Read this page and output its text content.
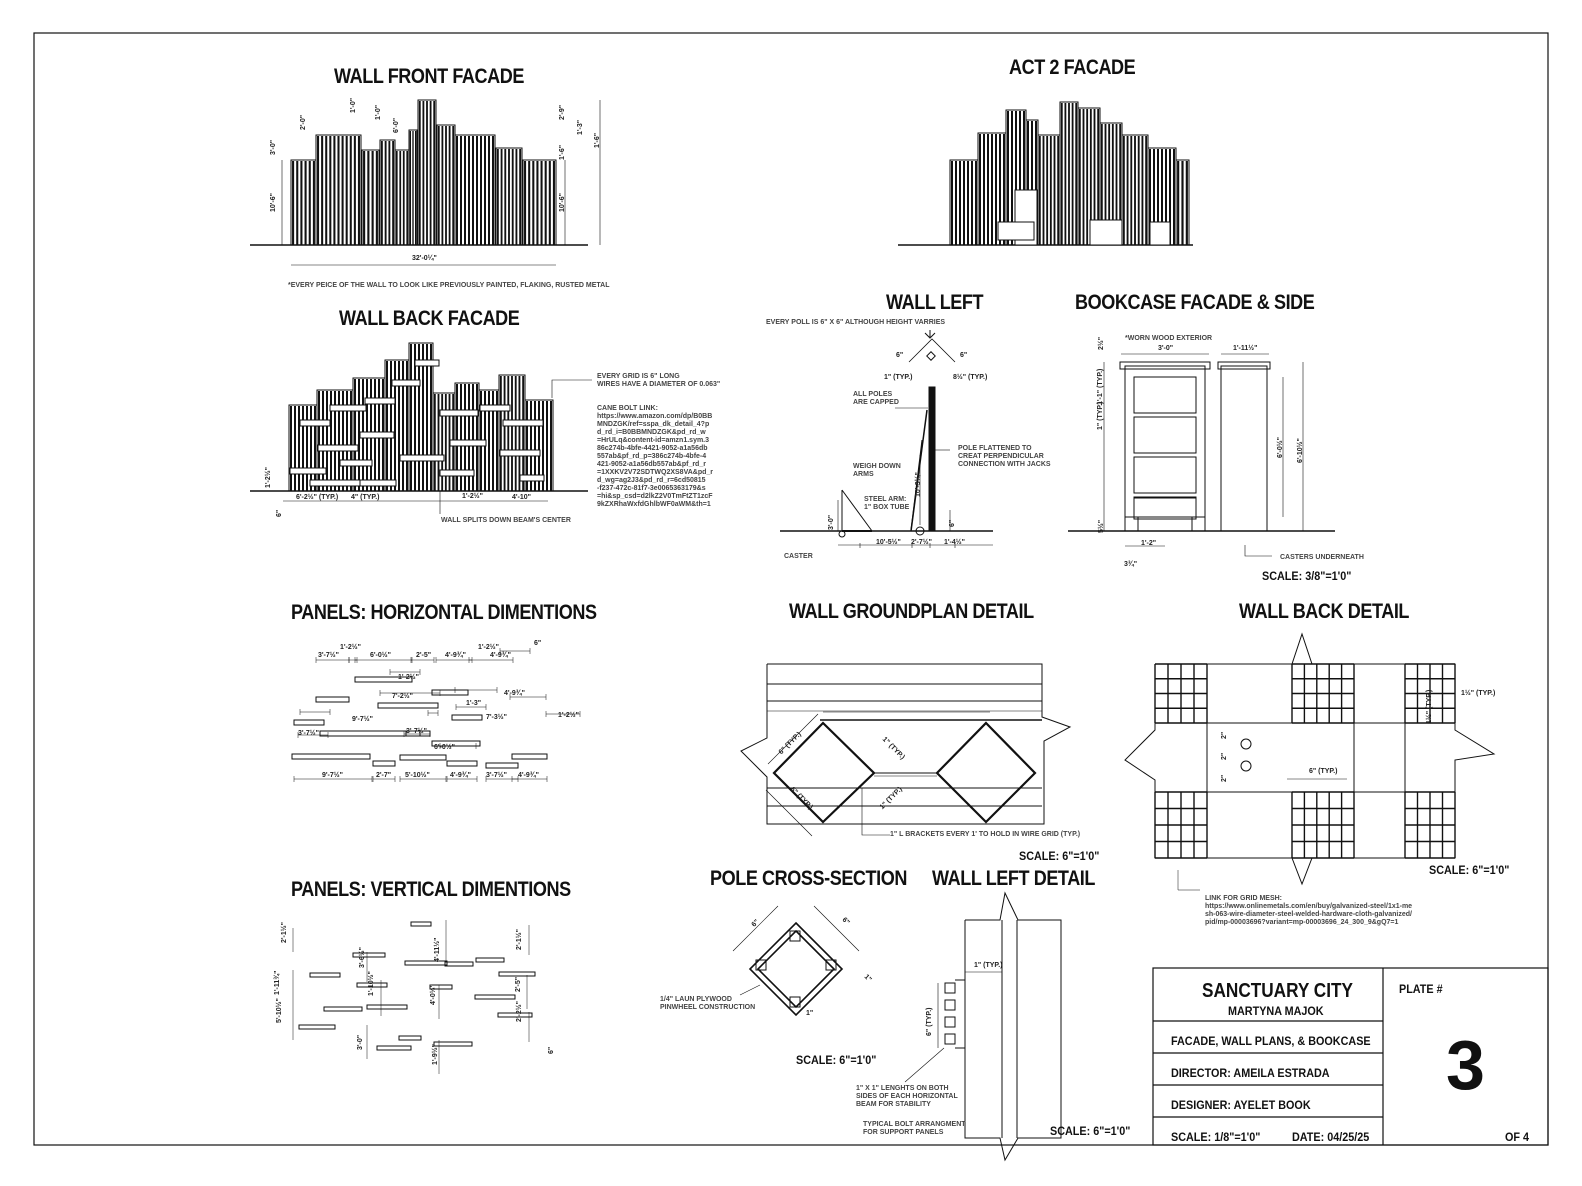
WALL FRONT FACADE	ACT 2 FACADE
WALL BACK FACADE
WALL LEFT	BOOKCASE FACADE & SIDE
PANELS: HORIZONTAL DIMENTIONS	WALL GROUNDPLAN DETAIL	WALL BACK DETAIL
PANELS: VERTICAL DIMENTIONS	POLE CROSS-SECTION WALL LEFT DETAIL
*EVERY PEICE OF THE WALL TO LOOK LIKE PREVIOUSLY PAINTED, FLAKING, RUSTED METAL
32'-0¼"
10'-6"
3'-0"
2'-0"
1'-0"	1'-0"
6'-0"
10'-6"
1'-6"
1'-3"
2'-9"
1'-6"
EVERY GRID IS 6" LONG
WIRES HAVE A DIAMETER OF 0.063"
CANE BOLT LINK:
https://www.amazon.com/dp/B0BB
MNDZGK/ref=sspa_dk_detail_4?p
d_rd_i=B0BBMNDZGK&pd_rd_w
=HrULq&content-id=amzn1.sym.3
86c274b-4bfe-4421-9052-a1a56db
557ab&pf_rd_p=386c274b-4bfe-4
421-9052-a1a56db557ab&pf_rd_r
=1XXKV2V72SDTWQ2XS8VA&pd_r
d_wg=ag2J3&pd_rd_r=6cd50815
-f237-472c-81f7-3e0065363179&s
=hi&sp_csd=d2lkZ2V0TmFtZT1zcF
9kZXRhaWxfdGhlbWF0aWM&th=1
WALL SPLITS DOWN BEAM'S CENTER
1'-2½"
6'-2½" (TYP.) 4" (TYP.)	1'-2½"	4'-10"
6"
EVERY POLL IS 6" X 6" ALTHOUGH HEIGHT VARRIES
ALL POLES
ARE CAPPED
POLE FLATTENED TO
CREAT PERPENDICULAR
CONNECTION WITH JACKS
WEIGH DOWN
ARMS
STEEL ARM:
1" BOX TUBE
CASTER
6"	6"
1" (TYP.)	8½" (TYP.)
10'-3¼"
3'-0"
10'-5½" 2'-7½" 1'-4½"
6"
*WORN WOOD EXTERIOR
CASTERS UNDERNEATH
SCALE: 3/8"=1'0"
3'-0"	1'-11½"
2½"
1'-1" (TYP.)
1" (TYP.)
6'-0½" 6'-10½"
5½"
1'-2"
3¾"
3'-7½"
1'-2½"
6'-0½"	2'-5" 4'-9¾"
1'-2½"
4'-9¾"
6"
1'-2½"
7'-2½"	4'-9¾"
9'-7½"
1'-3"
7'-3½"	1'-2½"
3'-7½"	3'-7½"
6'-0½"
9'-7½"	2'-7" 5'-10½"	4'-9¾" 3'-7½" 4'-9¾"
6" (TYP.)
6" (TYP.)
1" (TYP.)
1" (TYP.)
1" L BRACKETS EVERY 1' TO HOLD IN WIRE GRID (TYP.)
SCALE: 6"=1'0"
1½" (TYP.)
1½" (TYP.)
2"
2"
2"
6" (TYP.)
LINK FOR GRID MESH:
https://www.onlinemetals.com/en/buy/galvanized-steel/1x1-me
sh-063-wire-diameter-steel-welded-hardware-cloth-galvanized/
pid/mp-00003696?variant=mp-00003696_24_300_9&gQ7=1
SCALE: 6"=1'0"
2'-1½"
4'-11½"	2'-1½"
3'-6½"
1'-11¾"	1'-10½"	2'-5"
5'-10½"
4'-0½"
3'-0"
2'-2½"
1'-9½"	6"
6"	6"
1"
1"
1/4" LAUN PLYWOOD
PINWHEEL CONSTRUCTION
SCALE: 6"=1'0"
1" (TYP.)
6" (TYP.)
1" X 1" LENGHTS ON BOTH
SIDES OF EACH HORIZONTAL
BEAM FOR STABILITY
TYPICAL BOLT ARRANGMENT
FOR SUPPORT PANELS	SCALE: 6"=1'0"
SANCTUARY CITY
MARTYNA MAJOK
PLATE #
FACADE, WALL PLANS, & BOOKCASE
DIRECTOR: AMEILA ESTRADA
DESIGNER: AYELET BOOK
SCALE: 1/8"=1'0"	DATE: 04/25/25
3
OF 4
